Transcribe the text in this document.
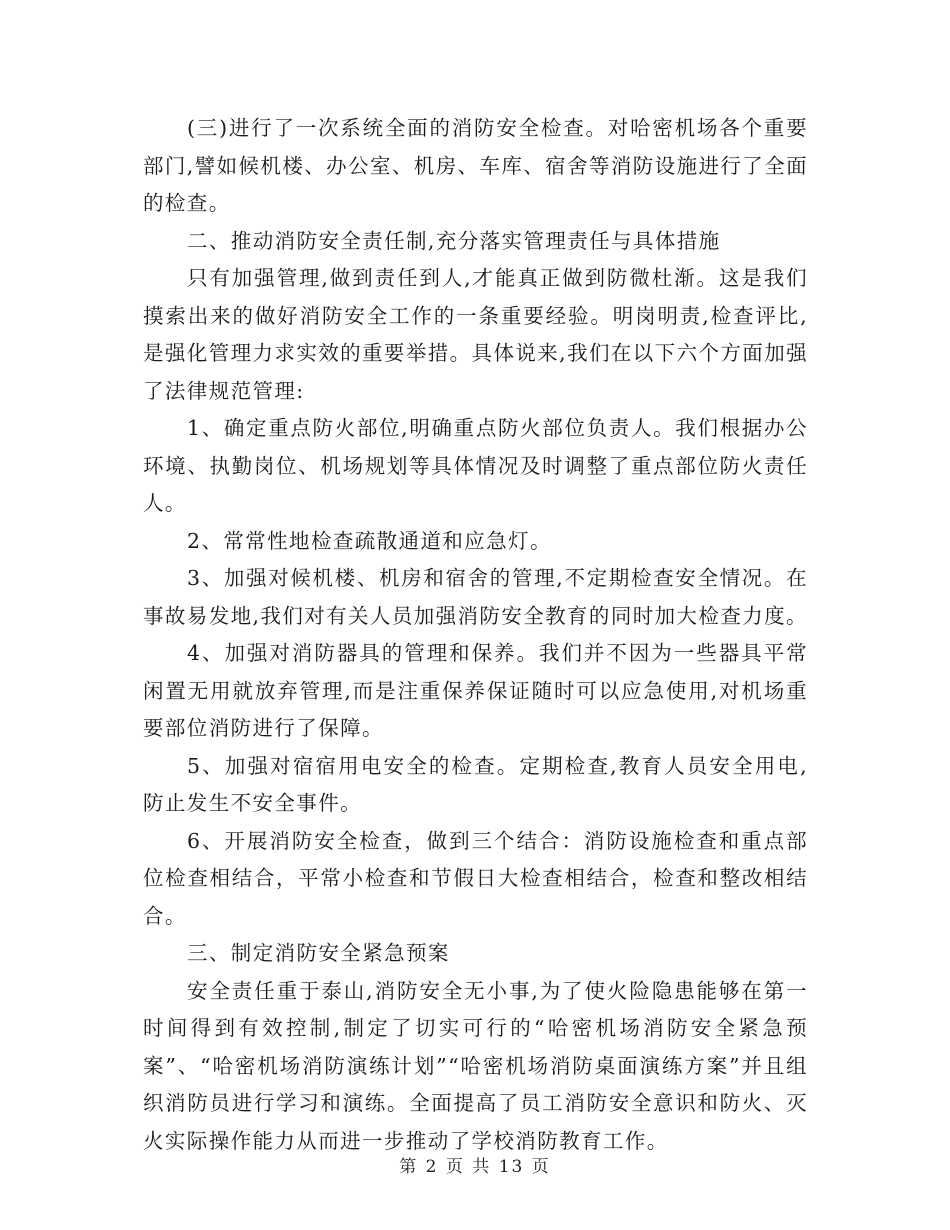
(三)进行了一次系统全面的消防安全检查。对哈密机场各个重要部门,譬如候机楼、办公室、机房、车库、宿舍等消防设施进行了全面的检查。

二、推动消防安全责任制,充分落实管理责任与具体措施

只有加强管理,做到责任到人,才能真正做到防微杜渐。这是我们摸索出来的做好消防安全工作的一条重要经验。明岗明责,检查评比,是强化管理力求实效的重要举措。具体说来,我们在以下六个方面加强了法律规范管理:

1、确定重点防火部位,明确重点防火部位负责人。我们根据办公环境、执勤岗位、机场规划等具体情况及时调整了重点部位防火责任人。

2、常常性地检查疏散通道和应急灯。

3、加强对候机楼、机房和宿舍的管理,不定期检查安全情况。在事故易发地,我们对有关人员加强消防安全教育的同时加大检查力度。

4、加强对消防器具的管理和保养。我们并不因为一些器具平常闲置无用就放弃管理,而是注重保养保证随时可以应急使用,对机场重要部位消防进行了保障。

5、加强对宿宿用电安全的检查。定期检查,教育人员安全用电,防止发生不安全事件。

6、开展消防安全检查，做到三个结合：消防设施检查和重点部位检查相结合，平常小检查和节假日大检查相结合，检查和整改相结合。

三、制定消防安全紧急预案

安全责任重于泰山,消防安全无小事,为了使火险隐患能够在第一时间得到有效控制,制定了切实可行的“哈密机场消防安全紧急预案”、“哈密机场消防演练计划”“哈密机场消防桌面演练方案”并且组织消防员进行学习和演练。全面提高了员工消防安全意识和防火、灭火实际操作能力从而进一步推动了学校消防教育工作。

第 2 页 共 13 页
